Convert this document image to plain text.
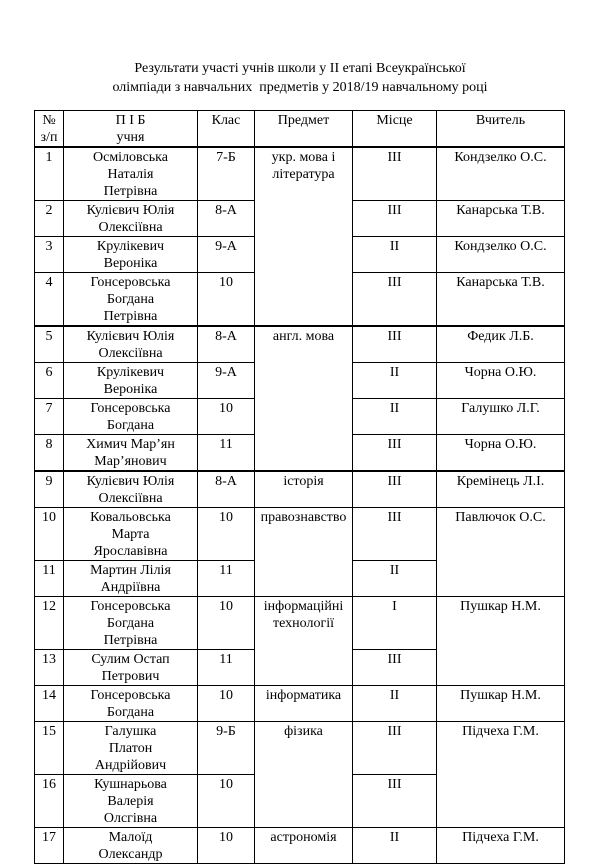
Результати участі учнів школи у ІІ етапі Всеукраїнської
олімпіади з навчальних  предметів у 2018/19 навчальному році
№
з/п	П І Б
учня	Клас	Предмет	Місце	Вчитель
1	Осміловська
Наталія
Петрівна	7-Б	укр. мова і
література	ІІІ	Кондзелко О.С.
2	Кулієвич Юлія
Олексіївна	8-А		ІІІ	Канарська Т.В.
3	Крулікевич
Вероніка	9-А		ІІ	Кондзелко О.С.
4	Гонсеровська
Богдана
Петрівна	10		ІІІ	Канарська Т.В.
5	Кулієвич Юлія
Олексіївна	8-А	англ. мова	ІІІ	Федик Л.Б.
6	Крулікевич
Вероніка	9-А		ІІ	Чорна О.Ю.
7	Гонсеровська
Богдана	10		ІІ	Галушко Л.Г.
8	Химич Мар’ян
Мар’янович	11		ІІІ	Чорна О.Ю.
9	Кулієвич Юлія
Олексіївна	8-А	історія	ІІІ	Кремінець Л.І.
10	Ковальовська
Марта
Ярославівна	10	правознавство	ІІІ	Павлючок О.С.
11	Мартин Лілія
Андріївна	11		ІІ	
12	Гонсеровська
Богдана
Петрівна	10	інформаційні
технології	І	Пушкар Н.М.
13	Сулим Остап
Петрович	11		ІІІ	
14	Гонсеровська
Богдана	10	інформатика	ІІ	Пушкар Н.М.
15	Галушка
Платон
Андрійович	9-Б	фізика	ІІІ	Підчеха Г.М.
16	Кушнарьова
Валерія
Олсгівна	10		ІІІ	
17	Малоїд
Олександр	10	астрономія	ІІ	Підчеха Г.М.
